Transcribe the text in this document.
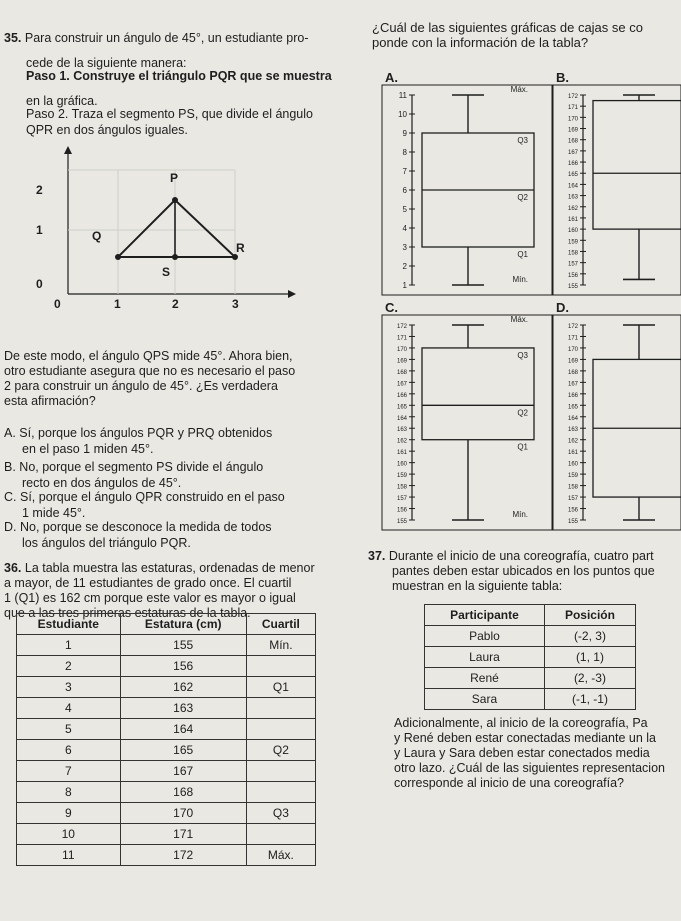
35. Para construir un ángulo de 45°, un estudiante pro-
cede de la siguiente manera:
Paso 1. Construye el triángulo PQR que se muestra
en la gráfica.
Paso 2. Traza el segmento PS, que divide el ángulo
QPR en dos ángulos iguales.
2
1
0
0	1	2	3
P
Q
R
S
De este modo, el ángulo QPS mide 45°. Ahora bien,
otro estudiante asegura que no es necesario el paso
2 para construir un ángulo de 45°. ¿Es verdadera
esta afirmación?
A. Sí, porque los ángulos PQR y PRQ obtenidos
en el paso 1 miden 45°.
B. No, porque el segmento PS divide el ángulo
recto en dos ángulos de 45°.
C. Sí, porque el ángulo QPR construido en el paso
1 mide 45°.
D. No, porque se desconoce la medida de todos
los ángulos del triángulo PQR.
36. La tabla muestra las estaturas, ordenadas de menor
a mayor, de 11 estudiantes de grado once. El cuartil
1 (Q1) es 162 cm porque este valor es mayor o igual
que a las tres primeras estaturas de la tabla.
Estudiante	Estatura (cm)	Cuartil
1	155	Mín.
2	156	
3	162	Q1
4	163	
5	164	
6	165	Q2
7	167	
8	168	
9	170	Q3
10	171	
11	172	Máx.
¿Cuál de las siguientes gráficas de cajas se co
ponde con la información de la tabla?
A.	B.
C.	D.
1
2
3
4
5
6
7
8
9
10
11
Máx.
Q3
Q2
Q1
Mín.
155
156
157
158
159
160
161
162
163
164
165
166
167
168
169
170
171
172
155
156
157
158
159
160
161
162
163
164
165
166
167
168
169
170
171
172
Máx.
Q3
Q2
Q1
Mín.
155
156
157
158
159
160
161
162
163
164
165
166
167
168
169
170
171
172
37. Durante el inicio de una coreografía, cuatro part
pantes deben estar ubicados en los puntos que
muestran en la siguiente tabla:
Participante	Posición
Pablo	(-2, 3)
Laura	(1, 1)
René	(2, -3)
Sara	(-1, -1)
Adicionalmente, al inicio de la coreografía, Pa
y René deben estar conectadas mediante un la
y Laura y Sara deben estar conectados media
otro lazo. ¿Cuál de las siguientes representacion
corresponde al inicio de una coreografía?
